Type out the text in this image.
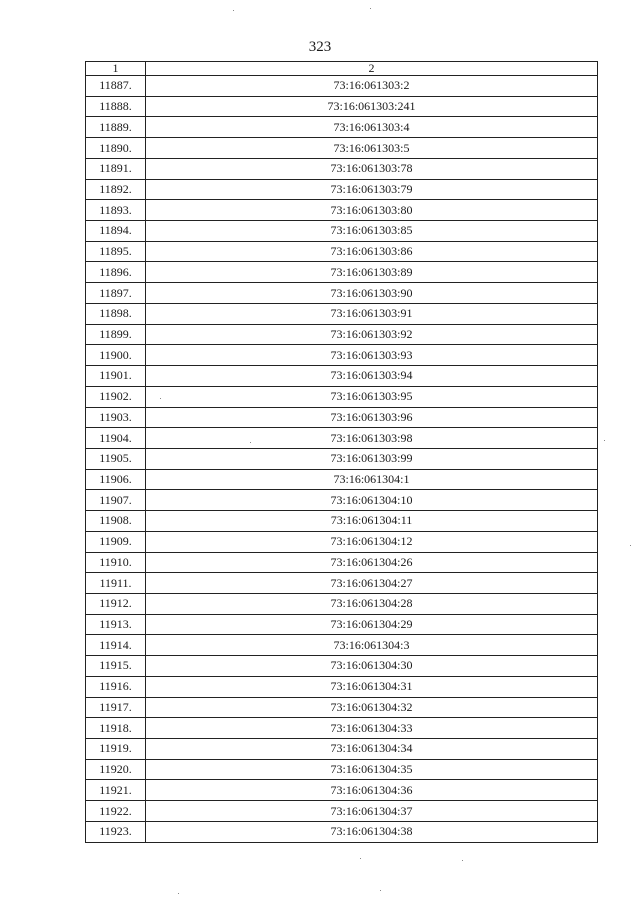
323
1	2
11887.	73:16:061303:2
11888.	73:16:061303:241
11889.	73:16:061303:4
11890.	73:16:061303:5
11891.	73:16:061303:78
11892.	73:16:061303:79
11893.	73:16:061303:80
11894.	73:16:061303:85
11895.	73:16:061303:86
11896.	73:16:061303:89
11897.	73:16:061303:90
11898.	73:16:061303:91
11899.	73:16:061303:92
11900.	73:16:061303:93
11901.	73:16:061303:94
11902.	73:16:061303:95
11903.	73:16:061303:96
11904.	73:16:061303:98
11905.	73:16:061303:99
11906.	73:16:061304:1
11907.	73:16:061304:10
11908.	73:16:061304:11
11909.	73:16:061304:12
11910.	73:16:061304:26
11911.	73:16:061304:27
11912.	73:16:061304:28
11913.	73:16:061304:29
11914.	73:16:061304:3
11915.	73:16:061304:30
11916.	73:16:061304:31
11917.	73:16:061304:32
11918.	73:16:061304:33
11919.	73:16:061304:34
11920.	73:16:061304:35
11921.	73:16:061304:36
11922.	73:16:061304:37
11923.	73:16:061304:38
